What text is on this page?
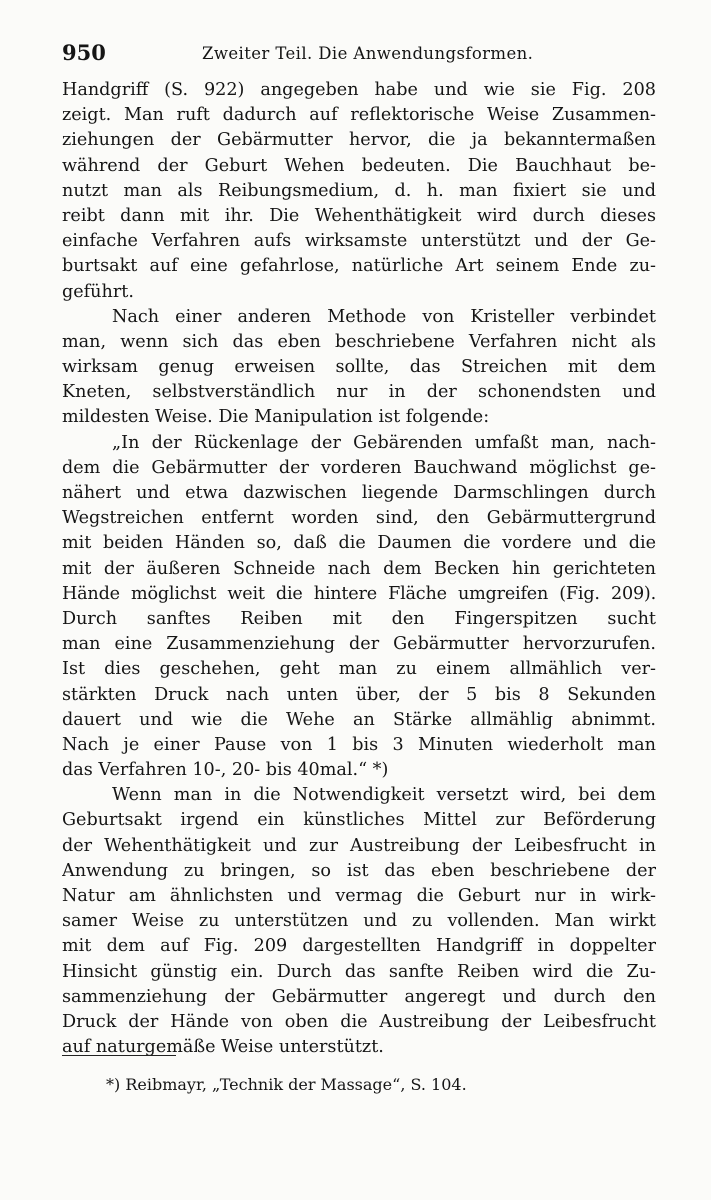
950	Zweiter Teil. Die Anwendungsformen.
Handgriff (S. 922) angegeben habe und wie sie Fig. 208
zeigt. Man ruft dadurch auf reflektorische Weise Zusammen-
ziehungen der Gebärmutter hervor, die ja bekanntermaßen
während der Geburt Wehen bedeuten. Die Bauchhaut be-
nutzt man als Reibungsmedium, d. h. man fixiert sie und
reibt dann mit ihr. Die Wehenthätigkeit wird durch dieses
einfache Verfahren aufs wirksamste unterstützt und der Ge-
burtsakt auf eine gefahrlose, natürliche Art seinem Ende zu-
geführt.
Nach einer anderen Methode von Kristeller verbindet
man, wenn sich das eben beschriebene Verfahren nicht als
wirksam genug erweisen sollte, das Streichen mit dem
Kneten, selbstverständlich nur in der schonendsten und
mildesten Weise. Die Manipulation ist folgende:
„In der Rückenlage der Gebärenden umfaßt man, nach-
dem die Gebärmutter der vorderen Bauchwand möglichst ge-
nähert und etwa dazwischen liegende Darmschlingen durch
Wegstreichen entfernt worden sind, den Gebärmuttergrund
mit beiden Händen so, daß die Daumen die vordere und die
mit der äußeren Schneide nach dem Becken hin gerichteten
Hände möglichst weit die hintere Fläche umgreifen (Fig. 209).
Durch sanftes Reiben mit den Fingerspitzen sucht
man eine Zusammenziehung der Gebärmutter hervorzurufen.
Ist dies geschehen, geht man zu einem allmählich ver-
stärkten Druck nach unten über, der 5 bis 8 Sekunden
dauert und wie die Wehe an Stärke allmählig abnimmt.
Nach je einer Pause von 1 bis 3 Minuten wiederholt man
das Verfahren 10-, 20- bis 40mal.“ *)
Wenn man in die Notwendigkeit versetzt wird, bei dem
Geburtsakt irgend ein künstliches Mittel zur Beförderung
der Wehenthätigkeit und zur Austreibung der Leibesfrucht in
Anwendung zu bringen, so ist das eben beschriebene der
Natur am ähnlichsten und vermag die Geburt nur in wirk-
samer Weise zu unterstützen und zu vollenden. Man wirkt
mit dem auf Fig. 209 dargestellten Handgriff in doppelter
Hinsicht günstig ein. Durch das sanfte Reiben wird die Zu-
sammenziehung der Gebärmutter angeregt und durch den
Druck der Hände von oben die Austreibung der Leibesfrucht
auf naturgemäße Weise unterstützt.
*) Reibmayr, „Technik der Massage“, S. 104.
